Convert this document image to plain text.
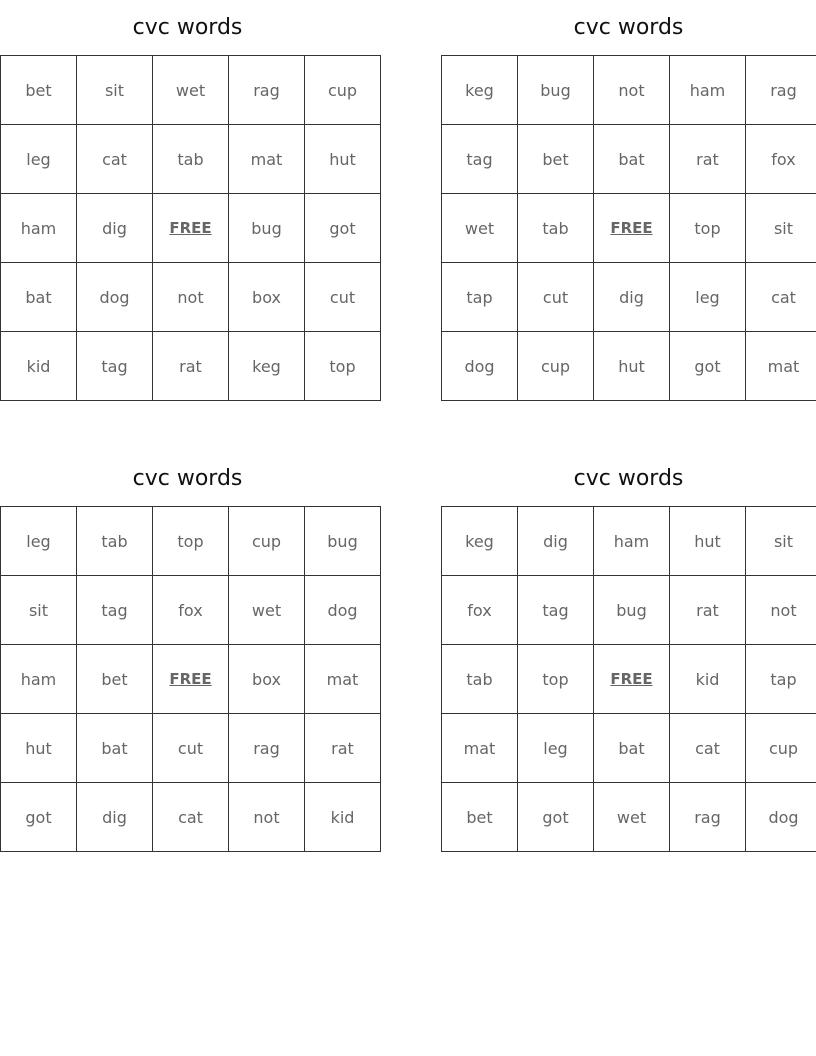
cvc words
bet	sit	wet	rag	cup
leg	cat	tab	mat	hut
ham	dig	FREE	bug	got
bat	dog	not	box	cut
kid	tag	rat	keg	top
cvc words
keg	bug	not	ham	rag
tag	bet	bat	rat	fox
wet	tab	FREE	top	sit
tap	cut	dig	leg	cat
dog	cup	hut	got	mat
cvc words
leg	tab	top	cup	bug
sit	tag	fox	wet	dog
ham	bet	FREE	box	mat
hut	bat	cut	rag	rat
got	dig	cat	not	kid
cvc words
keg	dig	ham	hut	sit
fox	tag	bug	rat	not
tab	top	FREE	kid	tap
mat	leg	bat	cat	cup
bet	got	wet	rag	dog
